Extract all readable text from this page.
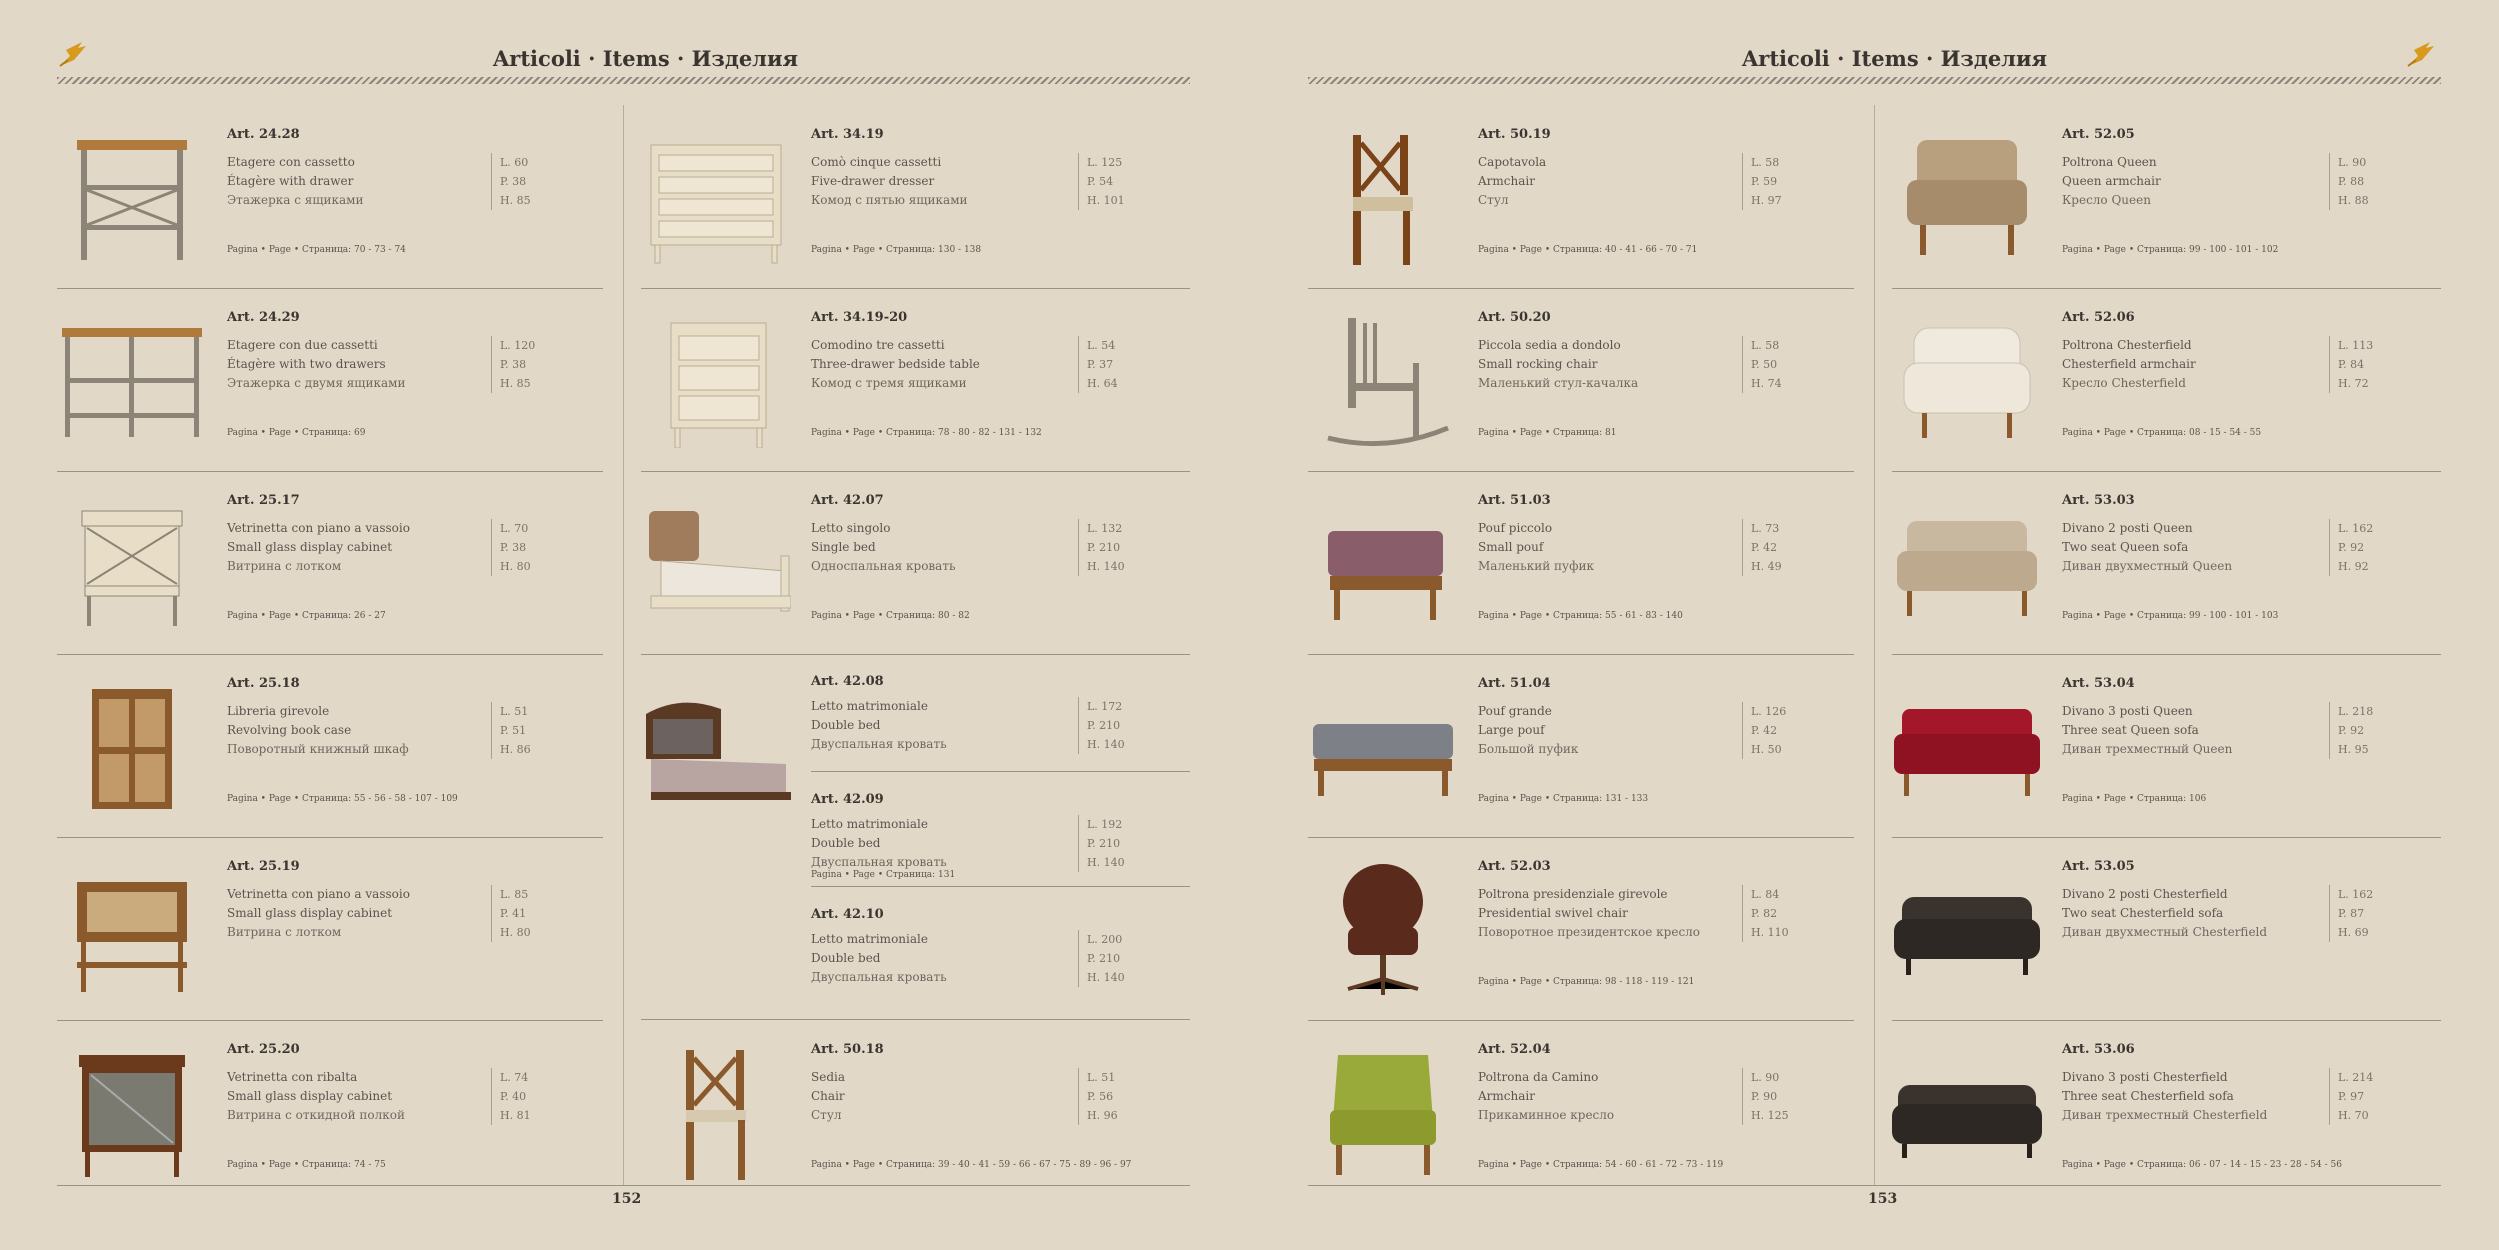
Articoli · Items · Изделия
152
Art. 24.28
Etagere con cassetto
Étagère with drawer
Этажерка с ящиками
L. 60
P. 38
H. 85
Pagina • Page • Страница: 70 - 73 - 74
Art. 24.29
Etagere con due cassetti
Étagère with two drawers
Этажерка с двумя ящиками
L. 120
P. 38
H. 85
Pagina • Page • Страница: 69
Art. 25.17
Vetrinetta con piano a vassoio
Small glass display cabinet
Витрина с лотком
L. 70
P. 38
H. 80
Pagina • Page • Страница: 26 - 27
Art. 25.18
Libreria girevole
Revolving book case
Поворотный книжный шкаф
L. 51
P. 51
H. 86
Pagina • Page • Страница: 55 - 56 - 58 - 107 - 109
Art. 25.19
Vetrinetta con piano a vassoio
Small glass display cabinet
Витрина с лотком
L. 85
P. 41
H. 80
Art. 25.20
Vetrinetta con ribalta
Small glass display cabinet
Витрина с откидной полкой
L. 74
P. 40
H. 81
Pagina • Page • Страница: 74 - 75
Art. 34.19
Comò cinque cassetti
Five-drawer dresser
Комод с пятью ящиками
L. 125
P. 54
H. 101
Pagina • Page • Страница: 130 - 138
Art. 34.19-20
Comodino tre cassetti
Three-drawer bedside table
Комод с тремя ящиками
L. 54
P. 37
H. 64
Pagina • Page • Страница: 78 - 80 - 82 - 131 - 132
Art. 42.07
Letto singolo
Single bed
Односпальная кровать
L. 132
P. 210
H. 140
Pagina • Page • Страница: 80 - 82
Art. 42.08
Letto matrimoniale
Double bed
Двуспальная кровать
L. 172
P. 210
H. 140
Art. 42.09
Letto matrimoniale
Double bed
Двуспальная кровать
L. 192
P. 210
H. 140
Pagina • Page • Страница: 131
Art. 42.10
Letto matrimoniale
Double bed
Двуспальная кровать
L. 200
P. 210
H. 140
Art. 50.18
Sedia
Chair
Стул
L. 51
P. 56
H. 96
Pagina • Page • Страница: 39 - 40 - 41 - 59 - 66 - 67 - 75 - 89 - 96 - 97
Articoli · Items · Изделия
153
Art. 50.19
Capotavola
Armchair
Стул
L. 58
P. 59
H. 97
Pagina • Page • Страница: 40 - 41 - 66 - 70 - 71
Art. 50.20
Piccola sedia a dondolo
Small rocking chair
Маленький стул-качалка
L. 58
P. 50
H. 74
Pagina • Page • Страница: 81
Art. 51.03
Pouf piccolo
Small pouf
Маленький пуфик
L. 73
P. 42
H. 49
Pagina • Page • Страница: 55 - 61 - 83 - 140
Art. 51.04
Pouf grande
Large pouf
Большой пуфик
L. 126
P. 42
H. 50
Pagina • Page • Страница: 131 - 133
Art. 52.03
Poltrona presidenziale girevole
Presidential swivel chair
Поворотное президентское кресло
L. 84
P. 82
H. 110
Pagina • Page • Страница: 98 - 118 - 119 - 121
Art. 52.04
Poltrona da Camino
Armchair
Прикаминное кресло
L. 90
P. 90
H. 125
Pagina • Page • Страница: 54 - 60 - 61 - 72 - 73 - 119
Art. 52.05
Poltrona Queen
Queen armchair
Кресло Queen
L. 90
P. 88
H. 88
Pagina • Page • Страница: 99 - 100 - 101 - 102
Art. 52.06
Poltrona Chesterfield
Chesterfield armchair
Кресло Chesterfield
L. 113
P. 84
H. 72
Pagina • Page • Страница: 08 - 15 - 54 - 55
Art. 53.03
Divano 2 posti Queen
Two seat Queen sofa
Диван двухместный Queen
L. 162
P. 92
H. 92
Pagina • Page • Страница: 99 - 100 - 101 - 103
Art. 53.04
Divano 3 posti Queen
Three seat Queen sofa
Диван трехместный Queen
L. 218
P. 92
H. 95
Pagina • Page • Страница: 106
Art. 53.05
Divano 2 posti Chesterfield
Two seat Chesterfield sofa
Диван двухместный Chesterfield
L. 162
P. 87
H. 69
Art. 53.06
Divano 3 posti Chesterfield
Three seat Chesterfield sofa
Диван трехместный Chesterfield
L. 214
P. 97
H. 70
Pagina • Page • Страница: 06 - 07 - 14 - 15 - 23 - 28 - 54 - 56
